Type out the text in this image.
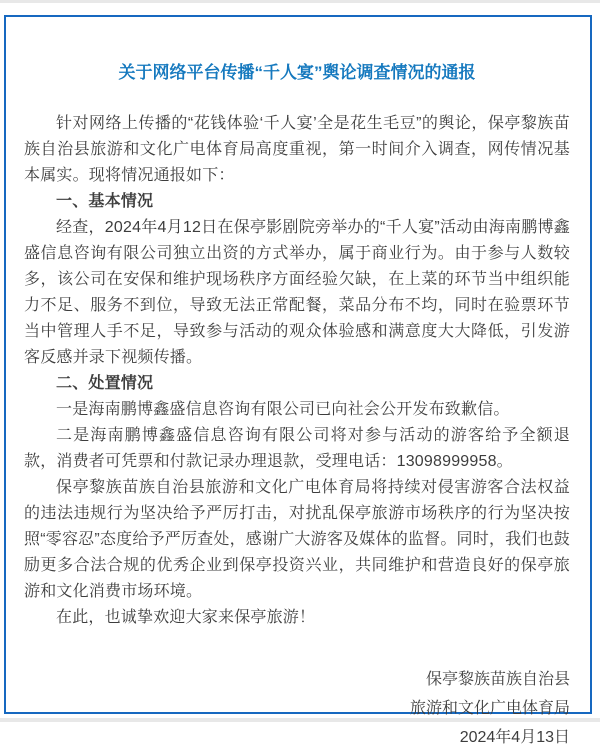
关于网络平台传播“千人宴”舆论调查情况的通报

针对网络上传播的“花钱体验‘千人宴’全是花生毛豆”的舆论，保亭黎族苗族自治县旅游和文化广电体育局高度重视，第一时间介入调查，网传情况基本属实。现将情况通报如下：

一、基本情况

经查，2024年4月12日在保亭影剧院旁举办的“千人宴”活动由海南鹏博鑫盛信息咨询有限公司独立出资的方式举办，属于商业行为。由于参与人数较多，该公司在安保和维护现场秩序方面经验欠缺，在上菜的环节当中组织能力不足、服务不到位，导致无法正常配餐，菜品分布不均，同时在验票环节当中管理人手不足，导致参与活动的观众体验感和满意度大大降低，引发游客反感并录下视频传播。

二、处置情况

一是海南鹏博鑫盛信息咨询有限公司已向社会公开发布致歉信。

二是海南鹏博鑫盛信息咨询有限公司将对参与活动的游客给予全额退款，消费者可凭票和付款记录办理退款，受理电话：13098999958。

保亭黎族苗族自治县旅游和文化广电体育局将持续对侵害游客合法权益的违法违规行为坚决给予严厉打击，对扰乱保亭旅游市场秩序的行为坚决按照“零容忍”态度给予严厉查处，感谢广大游客及媒体的监督。同时，我们也鼓励更多合法合规的优秀企业到保亭投资兴业，共同维护和营造良好的保亭旅游和文化消费市场环境。

在此，也诚挚欢迎大家来保亭旅游！

保亭黎族苗族自治县
旅游和文化广电体育局
2024年4月13日
